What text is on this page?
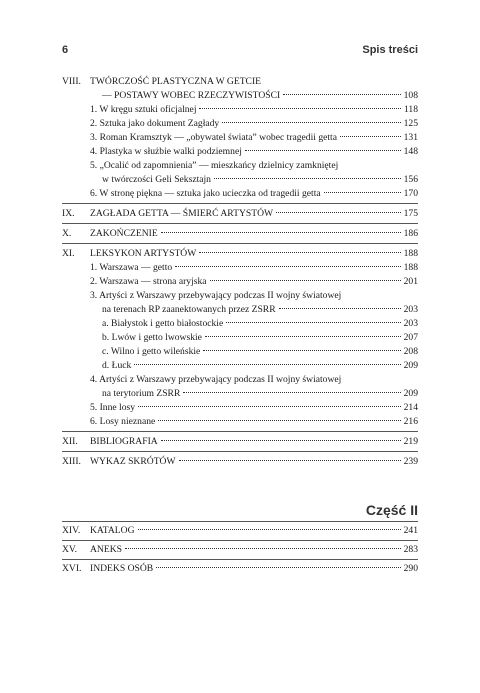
6	Spis treści
VIII. TWÓRCZOŚĆ PLASTYCZNA W GETCIE
— POSTAWY WOBEC RZECZYWISTOŚCI	108
1. W kręgu sztuki oficjalnej	118
2. Sztuka jako dokument Zagłady	125
3. Roman Kramsztyk — „obywatel świata” wobec tragedii getta	131
4. Plastyka w służbie walki podziemnej	148
5. „Ocalić od zapomnienia” — mieszkańcy dzielnicy zamkniętej
w twórczości Geli Seksztajn	156
6. W stronę piękna — sztuka jako ucieczka od tragedii getta	170
IX. ZAGŁADA GETTA — ŚMIERĆ ARTYSTÓW	175
X. ZAKOŃCZENIE	186
XI. LEKSYKON ARTYSTÓW	188
1. Warszawa — getto	188
2. Warszawa — strona aryjska	201
3. Artyści z Warszawy przebywający podczas II wojny światowej
na terenach RP zaanektowanych przez ZSRR	203
a. Białystok i getto białostockie	203
b. Lwów i getto lwowskie	207
c. Wilno i getto wileńskie	208
d. Łuck	209
4. Artyści z Warszawy przebywający podczas II wojny światowej
na terytorium ZSRR	209
5. Inne losy	214
6. Losy nieznane	216
XII. BIBLIOGRAFIA	219
XIII. WYKAZ SKRÓTÓW	239
Część II
XIV. KATALOG	241
XV. ANEKS	283
XVI. INDEKS OSÓB	290
